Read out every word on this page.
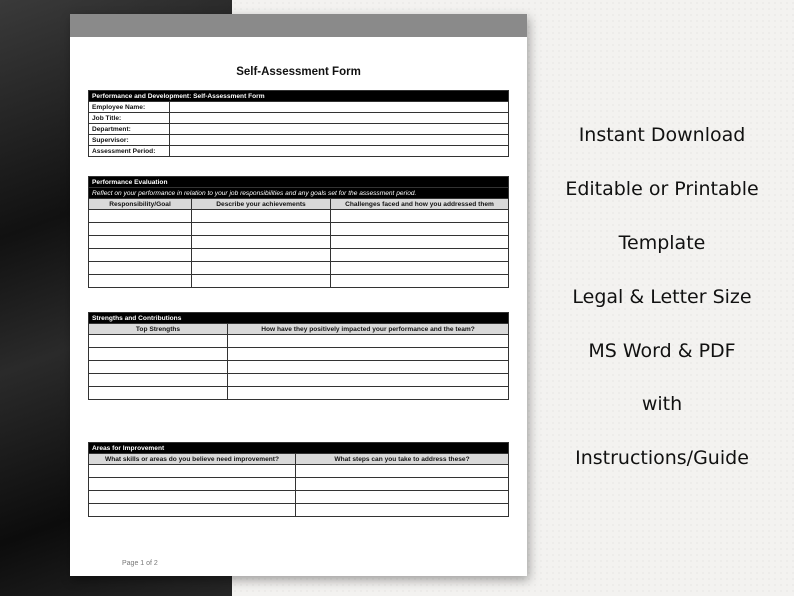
Self-Assessment Form
Performance and Development: Self-Assessment Form	
Employee Name:	
Job Title:	
Department:	
Supervisor:	
Assessment Period:	
Performance Evaluation		
Reflect on your performance in relation to your job responsibilities and any goals set for the assessment period.		
Responsibility/Goal	Describe your achievements	Challenges faced and how you addressed them

Strengths and Contributions	
Top Strengths	How have they positively impacted your performance and the team?

Areas for Improvement	
What skills or areas do you believe need improvement?	What steps can you take to address these?

Page 1 of 2
Instant Download
Editable or Printable
Template
Legal & Letter Size
MS Word & PDF
with
Instructions/Guide
